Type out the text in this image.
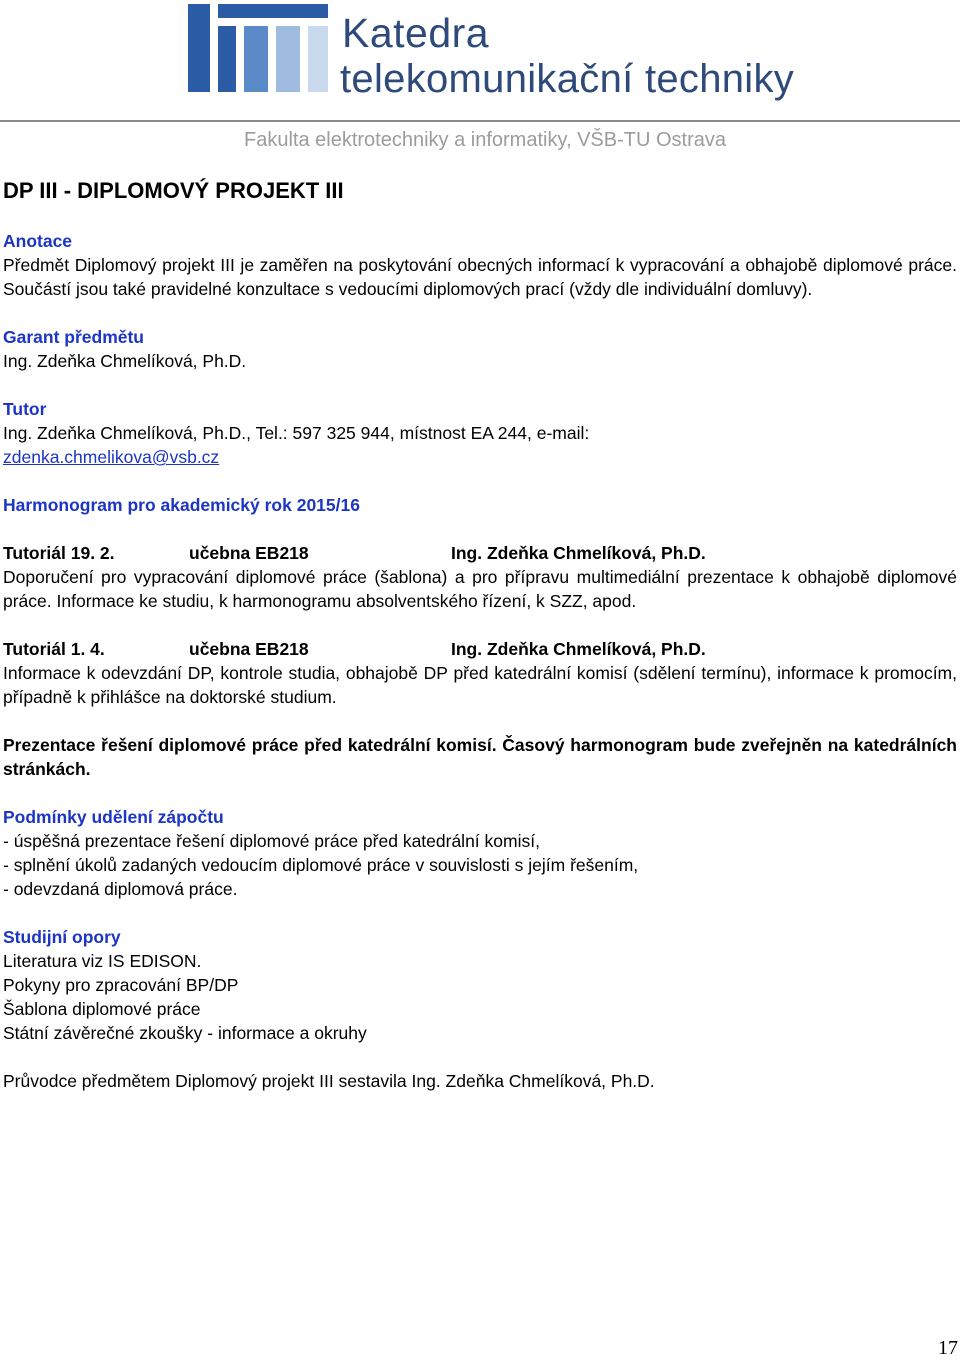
Katedra

telekomunikační techniky

Fakulta elektrotechniky a informatiky, VŠB-TU Ostrava

DP III - DIPLOMOVÝ PROJEKT III

Anotace

Předmět Diplomový projekt III je zaměřen na poskytování obecných informací k vypracování a obhajobě diplomové práce. Součástí jsou také pravidelné konzultace s vedoucími diplomových prací (vždy dle individuální domluvy).

Garant předmětu

Ing. Zdeňka Chmelíková, Ph.D.

Tutor

Ing. Zdeňka Chmelíková, Ph.D., Tel.: 597 325 944, místnost EA 244, e-mail:

zdenka.chmelikova@vsb.cz

Harmonogram pro akademický rok 2015/16

Tutoriál 19. 2.	učebna EB218	Ing. Zdeňka Chmelíková, Ph.D.

Doporučení pro vypracování diplomové práce (šablona) a pro přípravu multimediální prezentace k obhajobě diplomové práce. Informace ke studiu, k harmonogramu absolventského řízení, k SZZ, apod.

Tutoriál 1. 4.	učebna EB218	Ing. Zdeňka Chmelíková, Ph.D.

Informace k odevzdání DP, kontrole studia, obhajobě DP před katedrální komisí (sdělení termínu), informace k promocím, případně k přihlášce na doktorské studium.

Prezentace řešení diplomové práce před katedrální komisí. Časový harmonogram bude zveřejněn na katedrálních stránkách.

Podmínky udělení zápočtu

- úspěšná prezentace řešení diplomové práce před katedrální komisí,

- splnění úkolů zadaných vedoucím diplomové práce v souvislosti s jejím řešením,

- odevzdaná diplomová práce.

Studijní opory

Literatura viz IS EDISON.

Pokyny pro zpracování BP/DP

Šablona diplomové práce

Státní závěrečné zkoušky - informace a okruhy

Průvodce předmětem Diplomový projekt III sestavila Ing. Zdeňka Chmelíková, Ph.D.

17
